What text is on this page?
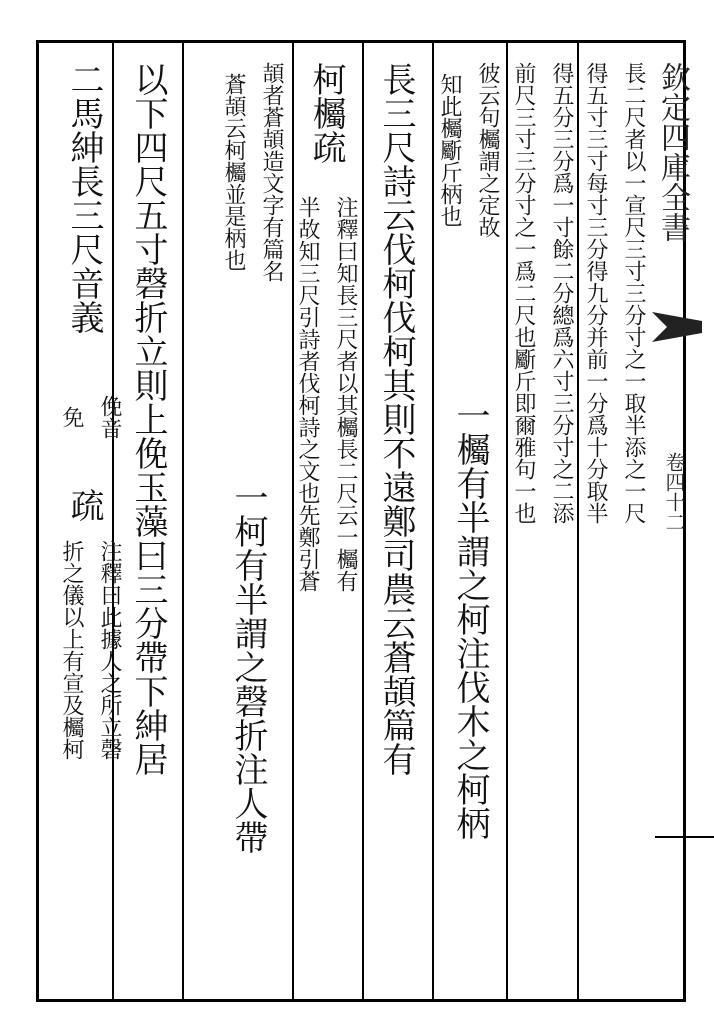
欽定四庫全書
卷四十二
長二尺者以一宣尺三寸三分寸之一取半添之一尺
得五寸三寸每寸三分得九分并前一分爲十分取半
得五分三分爲一寸餘二分總爲六寸三分寸之二添
前尺三寸三分寸之一爲二尺也斸斤即爾雅句一也
彼云句欘謂之定故
知此欘斸斤柄也
一欘有半謂之柯注伐木之柯柄
長三尺詩云伐柯伐柯其則不遠鄭司農云蒼頡篇有
柯欘
疏
注釋曰知長三尺者以其欘長二尺云一欘有
半故知三尺引詩者伐柯詩之文也先鄭引蒼
頡者蒼頡造文字有篇名
蒼頡云柯欘並是柄也
一柯有半謂之磬折注人帶
以下四尺五寸磬折立則上俛玉藻曰三分帶下紳居
二馬紳長三尺
音義
俛音
免
疏
注釋曰此據人之所立磬
折之儀以上有宣及欘柯
